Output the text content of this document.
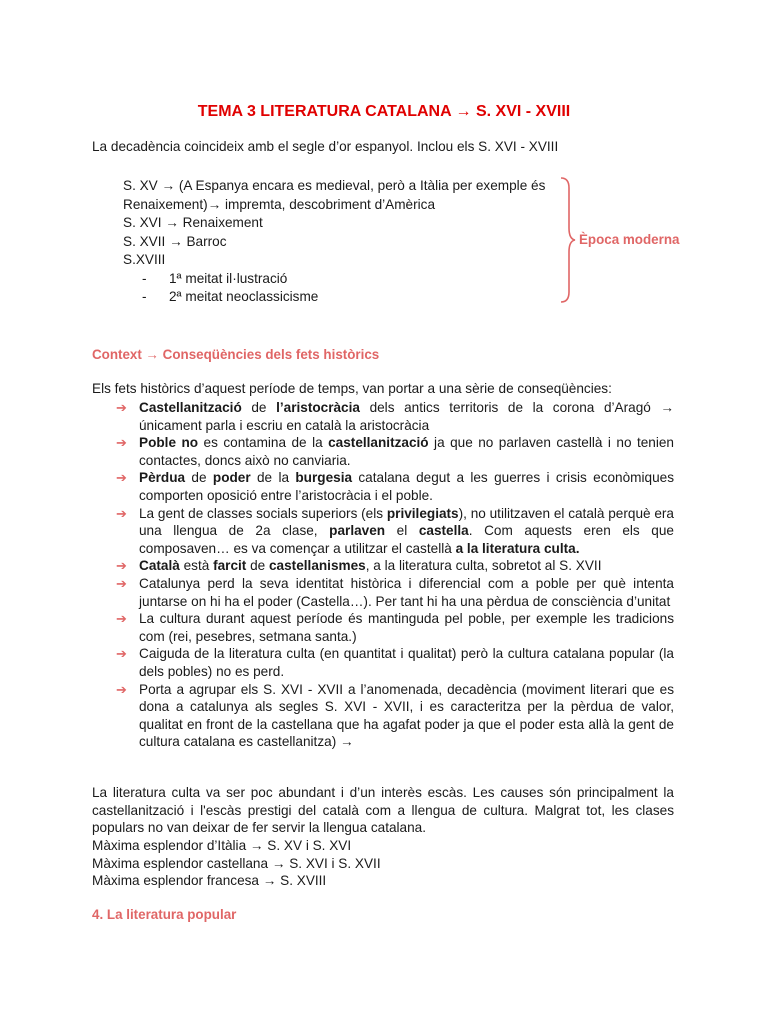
TEMA 3 LITERATURA CATALANA → S. XVI - XVIII
La decadència coincideix amb el segle d’or espanyol. Inclou els S. XVI - XVIII
S. XV → (A Espanya encara es medieval, però a Itàlia per exemple és
Renaixement)→ impremta, descobriment d’Amèrica
S. XVI → Renaixement
S. XVII → Barroc
S.XVIII
- 1ª meitat il·lustració
- 2ª meitat neoclassicisme
Època moderna
Context → Conseqüències dels fets històrics
Els fets històrics d’aquest període de temps, van portar a una sèrie de conseqüències:
➔ Castellanització de l’aristocràcia dels antics territoris de la corona d’Aragó → únicament parla i escriu en català la aristocràcia
➔ Poble no es contamina de la castellanització ja que no parlaven castellà i no tenien contactes, doncs això no canviaria.
➔ Pèrdua de poder de la burgesia catalana degut a les guerres i crisis econòmiques comporten oposició entre l’aristocràcia i el poble.
➔ La gent de classes socials superiors (els privilegiats), no utilitzaven el català perquè era una llengua de 2a clase, parlaven el castella. Com aquests eren els que composaven… es va començar a utilitzar el castellà a la literatura culta.
➔ Català està farcit de castellanismes, a la literatura culta, sobretot al S. XVII
➔ Catalunya perd la seva identitat històrica i diferencial com a poble per què intenta juntarse on hi ha el poder (Castella…). Per tant hi ha una pèrdua de consciència d’unitat
➔ La cultura durant aquest període és mantinguda pel poble, per exemple les tradicions com (rei, pesebres, setmana santa.)
➔ Caiguda de la literatura culta (en quantitat i qualitat) però la cultura catalana popular (la dels pobles) no es perd.
➔ Porta a agrupar els S. XVI - XVII a l’anomenada, decadència (moviment literari que es dona a catalunya als segles S. XVI - XVII, i es caracteritza per la pèrdua de valor, qualitat en front de la castellana que ha agafat poder ja que el poder esta allà la gent de cultura catalana es castellanitza) →
La literatura culta va ser poc abundant i d’un interès escàs. Les causes són principalment la castellanització i l'escàs prestigi del català com a llengua de cultura. Malgrat tot, les clases populars no van deixar de fer servir la llengua catalana.
Màxima esplendor d’Itàlia → S. XV i S. XVI
Màxima esplendor castellana → S. XVI i S. XVII
Màxima esplendor francesa → S. XVIII
4. La literatura popular
